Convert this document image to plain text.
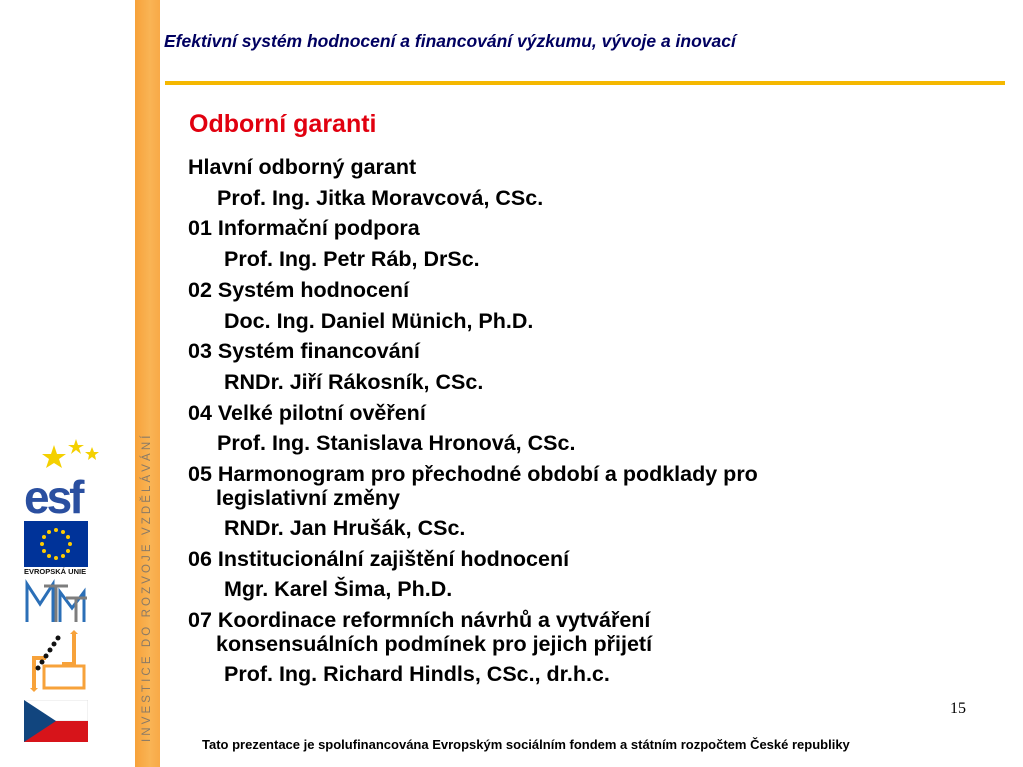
INVESTICE DO ROZVOJE VZDĚLÁVÁNÍ
Efektivní systém hodnocení a financování výzkumu, vývoje a inovací
Odborní garanti
Hlavní odborný garant
Prof. Ing. Jitka Moravcová, CSc.
01 Informační podpora
Prof. Ing. Petr Ráb, DrSc.
02 Systém hodnocení
Doc. Ing. Daniel Münich, Ph.D.
03 Systém financování
RNDr. Jiří Rákosník, CSc.
04 Velké pilotní ověření
Prof. Ing. Stanislava Hronová, CSc.
05 Harmonogram pro přechodné období a podklady pro
legislativní změny
RNDr. Jan Hrušák, CSc.
06 Institucionální zajištění hodnocení
Mgr. Karel Šima, Ph.D.
07 Koordinace reformních návrhů a vytváření
konsensuálních podmínek pro jejich přijetí
Prof. Ing. Richard Hindls, CSc., dr.h.c.
esf
EVROPSKÁ UNIE
15
Tato prezentace je spolufinancována Evropským sociálním fondem a státním rozpočtem České republiky
